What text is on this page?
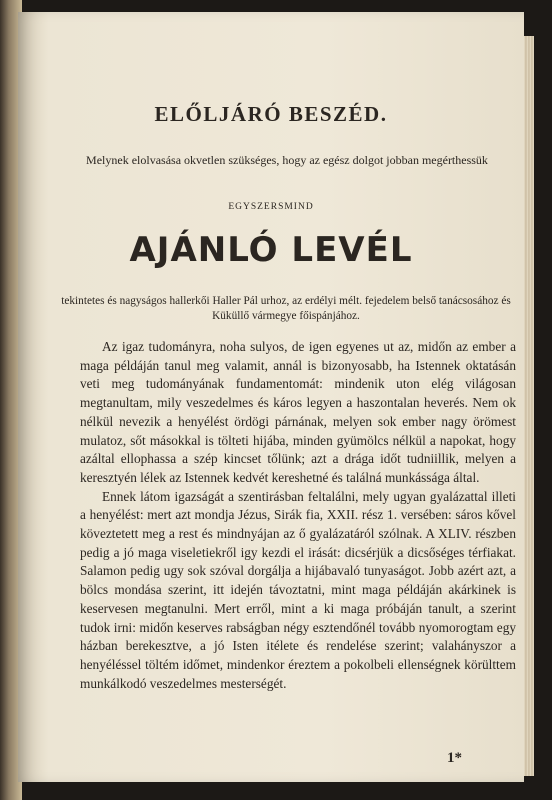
ELŐLJÁRÓ BESZÉD.
Melynek elolvasása okvetlen szükséges, hogy az egész dolgot jobban megérthessük
EGYSZERSMIND
AJÁNLÓ LEVÉL
tekintetes és nagyságos hallerkői Haller Pál urhoz, az erdélyi mélt. fejedelem belső tanácsosához és Küküllő vármegye főispánjához.

Az igaz tudományra, noha sulyos, de igen egyenes ut az, midőn az ember a maga példáján tanul meg valamit, annál is bizonyosabb, ha Istennek oktatásán veti meg tudományának fundamentomát: mindenik uton elég világosan megtanultam, mily veszedelmes és káros legyen a haszontalan heverés. Nem ok nélkül nevezik a henyélést ördögi párnának, melyen sok ember nagy örömest mulatoz, sőt másokkal is tölteti hijába, minden gyümölcs nélkül a napokat, hogy azáltal ellophassa a szép kincset tőlünk; azt a drága időt tudniillik, melyen a keresztyén lélek az Istennek kedvét kereshetné és találná munkássága által.

Ennek látom igazságát a szentirásban feltalálni, mely ugyan gyalázattal illeti a henyélést: mert azt mondja Jézus, Sirák fia, XXII. rész 1. versében: sáros kővel köveztetett meg a rest és mindnyájan az ő gyalázatáról szólnak. A XLIV. részben pedig a jó maga viseletiekről igy kezdi el irását: dicsérjük a dicsőséges térfiakat. Salamon pedig ugy sok szóval dorgálja a hijábavaló tunyaságot. Jobb azért azt, a bölcs mondása szerint, itt idején távoztatni, mint maga példáján akárkinek is keservesen megtanulni. Mert erről, mint a ki maga próbáján tanult, a szerint tudok irni: midőn keserves rabságban négy esztendőnél tovább nyomorogtam egy házban berekesztve, a jó Isten itélete és rendelése szerint; valahányszor a henyéléssel töltém időmet, mindenkor éreztem a pokolbeli ellenségnek körülttem munkálkodó veszedelmes mesterségét.

1*
